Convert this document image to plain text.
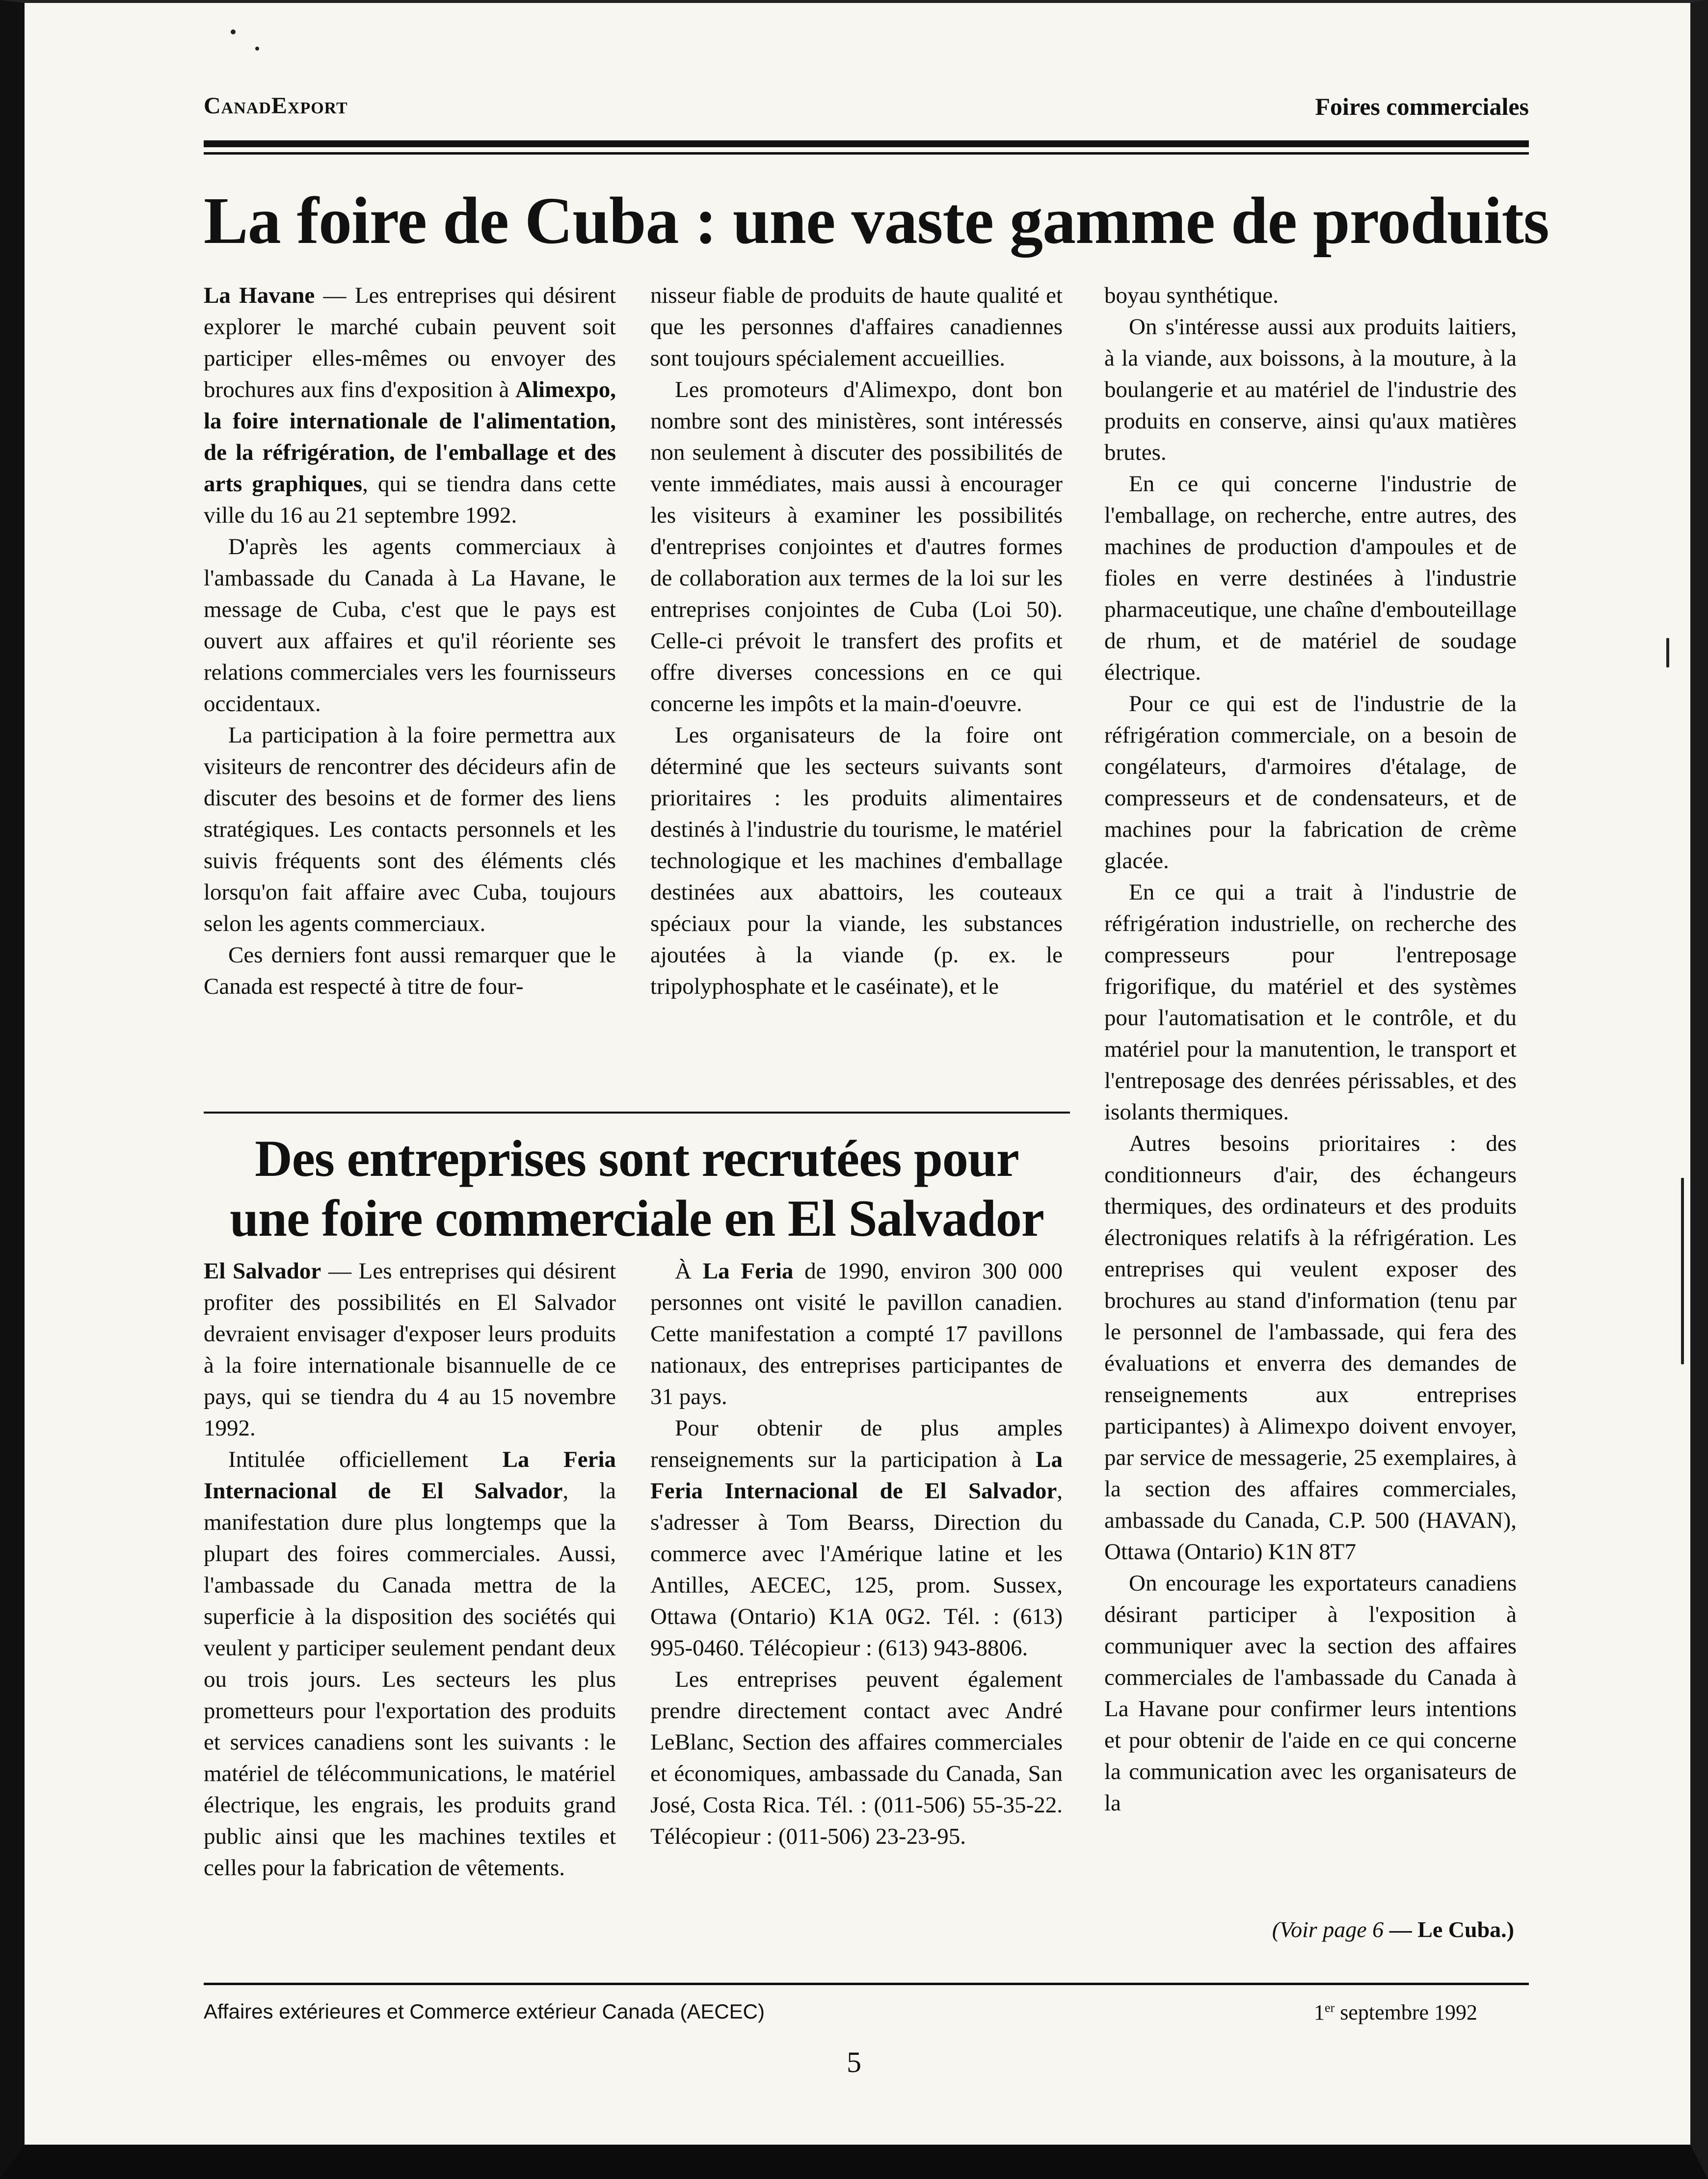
CanadExport	Foires commerciales
La foire de Cuba : une vaste gamme de produits

La Havane — Les entreprises qui désirent explorer le marché cubain peuvent soit participer elles-mêmes ou envoyer des brochures aux fins d'exposition à Alimexpo, la foire internationale de l'alimentation, de la réfrigération, de l'emballage et des arts graphiques, qui se tiendra dans cette ville du 16 au 21 septembre 1992.

D'après les agents commerciaux à l'ambassade du Canada à La Havane, le message de Cuba, c'est que le pays est ouvert aux affaires et qu'il réoriente ses relations commerciales vers les fournisseurs occidentaux.

La participation à la foire permettra aux visiteurs de rencontrer des décideurs afin de discuter des besoins et de former des liens stratégiques. Les contacts personnels et les suivis fréquents sont des éléments clés lorsqu'on fait affaire avec Cuba, toujours selon les agents commerciaux.

Ces derniers font aussi remarquer que le Canada est respecté à titre de four-

nisseur fiable de produits de haute qualité et que les personnes d'affaires canadiennes sont toujours spécialement accueillies.

Les promoteurs d'Alimexpo, dont bon nombre sont des ministères, sont intéressés non seulement à discuter des possibilités de vente immédiates, mais aussi à encourager les visiteurs à examiner les possibilités d'entreprises conjointes et d'autres formes de collaboration aux termes de la loi sur les entreprises conjointes de Cuba (Loi 50). Celle-ci prévoit le transfert des profits et offre diverses concessions en ce qui concerne les impôts et la main-d'oeuvre.

Les organisateurs de la foire ont déterminé que les secteurs suivants sont prioritaires : les produits alimentaires destinés à l'industrie du tourisme, le matériel technologique et les machines d'emballage destinées aux abattoirs, les couteaux spéciaux pour la viande, les substances ajoutées à la viande (p. ex. le tripolyphosphate et le caséinate), et le

boyau synthétique.

On s'intéresse aussi aux produits laitiers, à la viande, aux boissons, à la mouture, à la boulangerie et au matériel de l'industrie des produits en conserve, ainsi qu'aux matières brutes.

En ce qui concerne l'industrie de l'emballage, on recherche, entre autres, des machines de production d'ampoules et de fioles en verre destinées à l'industrie pharmaceutique, une chaîne d'embouteillage de rhum, et de matériel de soudage électrique.

Pour ce qui est de l'industrie de la réfrigération commerciale, on a besoin de congélateurs, d'armoires d'étalage, de compresseurs et de condensateurs, et de machines pour la fabrication de crème glacée.

En ce qui a trait à l'industrie de réfrigération industrielle, on recherche des compresseurs pour l'entreposage frigorifique, du matériel et des systèmes pour l'automatisation et le contrôle, et du matériel pour la manutention, le transport et l'entreposage des denrées périssables, et des isolants thermiques.

Autres besoins prioritaires : des conditionneurs d'air, des échangeurs thermiques, des ordinateurs et des produits électroniques relatifs à la réfrigération. Les entreprises qui veulent exposer des brochures au stand d'information (tenu par le personnel de l'ambassade, qui fera des évaluations et enverra des demandes de renseignements aux entreprises participantes) à Alimexpo doivent envoyer, par service de messagerie, 25 exemplaires, à la section des affaires commerciales, ambassade du Canada, C.P. 500 (HAVAN), Ottawa (Ontario) K1N 8T7

On encourage les exportateurs canadiens désirant participer à l'exposition à communiquer avec la section des affaires commerciales de l'ambassade du Canada à La Havane pour confirmer leurs intentions et pour obtenir de l'aide en ce qui concerne la communication avec les organisateurs de la

(Voir page 6 — Le Cuba.)
Des entreprises sont recrutées pour
une foire commerciale en El Salvador

El Salvador — Les entreprises qui désirent profiter des possibilités en El Salvador devraient envisager d'exposer leurs produits à la foire internationale bisannuelle de ce pays, qui se tiendra du 4 au 15 novembre 1992.

Intitulée officiellement La Feria Internacional de El Salvador, la manifestation dure plus longtemps que la plupart des foires commerciales. Aussi, l'ambassade du Canada mettra de la superficie à la disposition des sociétés qui veulent y participer seulement pendant deux ou trois jours. Les secteurs les plus prometteurs pour l'exportation des produits et services canadiens sont les suivants : le matériel de télécommunications, le matériel électrique, les engrais, les produits grand public ainsi que les machines textiles et celles pour la fabrication de vêtements.

À La Feria de 1990, environ 300 000 personnes ont visité le pavillon canadien. Cette manifestation a compté 17 pavillons nationaux, des entreprises participantes de 31 pays.

Pour obtenir de plus amples renseignements sur la participation à La Feria Internacional de El Salvador, s'adresser à Tom Bearss, Direction du commerce avec l'Amérique latine et les Antilles, AECEC, 125, prom. Sussex, Ottawa (Ontario) K1A 0G2. Tél. : (613) 995-0460. Télécopieur : (613) 943-8806.

Les entreprises peuvent également prendre directement contact avec André LeBlanc, Section des affaires commerciales et économiques, ambassade du Canada, San José, Costa Rica. Tél. : (011-506) 55-35-22. Télécopieur : (011-506) 23-23-95.

Affaires extérieures et Commerce extérieur Canada (AECEC)	1er septembre 1992
5
